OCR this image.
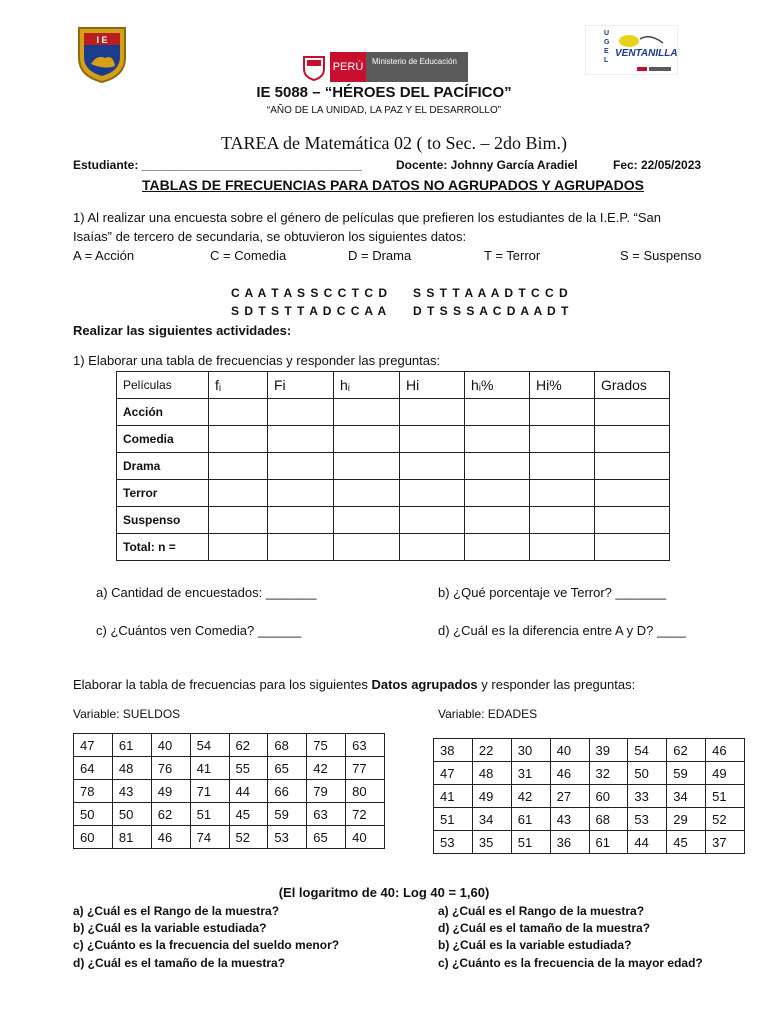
I E
PERÚ	Ministerio de Educación
UGEL
VENTANILLA
IE 5088 – “HÉROES DEL PACÍFICO”
“AÑO DE LA UNIDAD, LA PAZ Y EL DESARROLLO”
TAREA de Matemática 02 ( to Sec. – 2do Bim.)
Estudiante: _________________________________	Docente: Johnny García Aradiel	Fec: 22/05/2023
TABLAS DE FRECUENCIAS PARA DATOS NO AGRUPADOS Y AGRUPADOS
1) Al realizar una encuesta sobre el género de películas que prefieren los estudiantes de la I.E.P. “San
Isaías” de tercero de secundaria, se obtuvieron los siguientes datos:
A = Acción	C = Comedia	D = Drama	T = Terror	S = Suspenso
C A A T A S S C C T C D S S T T A A A D T C C D
S D T S T T A D C C A A D T S S S A C D A A D T
Realizar las siguientes actividades:
1) Elaborar una tabla de frecuencias y responder las preguntas:
Películas	fᵢ	Fi	hᵢ	Hi	hᵢ%	Hi%	Grados
Acción							
Comedia							
Drama							
Terror							
Suspenso							
Total: n =							
a) Cantidad de encuestados: _______	b) ¿Qué porcentaje ve Terror? _______
c) ¿Cuántos ven Comedia? ______	d) ¿Cuál es la diferencia entre A y D? ____
Elaborar la tabla de frecuencias para los siguientes Datos agrupados y responder las preguntas:
Variable: SUELDOS	Variable: EDADES
47	61	40	54	62	68	75	63
64	48	76	41	55	65	42	77
78	43	49	71	44	66	79	80
50	50	62	51	45	59	63	72
60	81	46	74	52	53	65	40
38	22	30	40	39	54	62	46
47	48	31	46	32	50	59	49
41	49	42	27	60	33	34	51
51	34	61	43	68	53	29	52
53	35	51	36	61	44	45	37
(El logaritmo de 40: Log 40 = 1,60)
a) ¿Cuál es el Rango de la muestra?
b) ¿Cuál es la variable estudiada?
c) ¿Cuánto es la frecuencia del sueldo menor?
d) ¿Cuál es el tamaño de la muestra?
a) ¿Cuál es el Rango de la muestra?
d) ¿Cuál es el tamaño de la muestra?
b) ¿Cuál es la variable estudiada?
c) ¿Cuánto es la frecuencia de la mayor edad?
